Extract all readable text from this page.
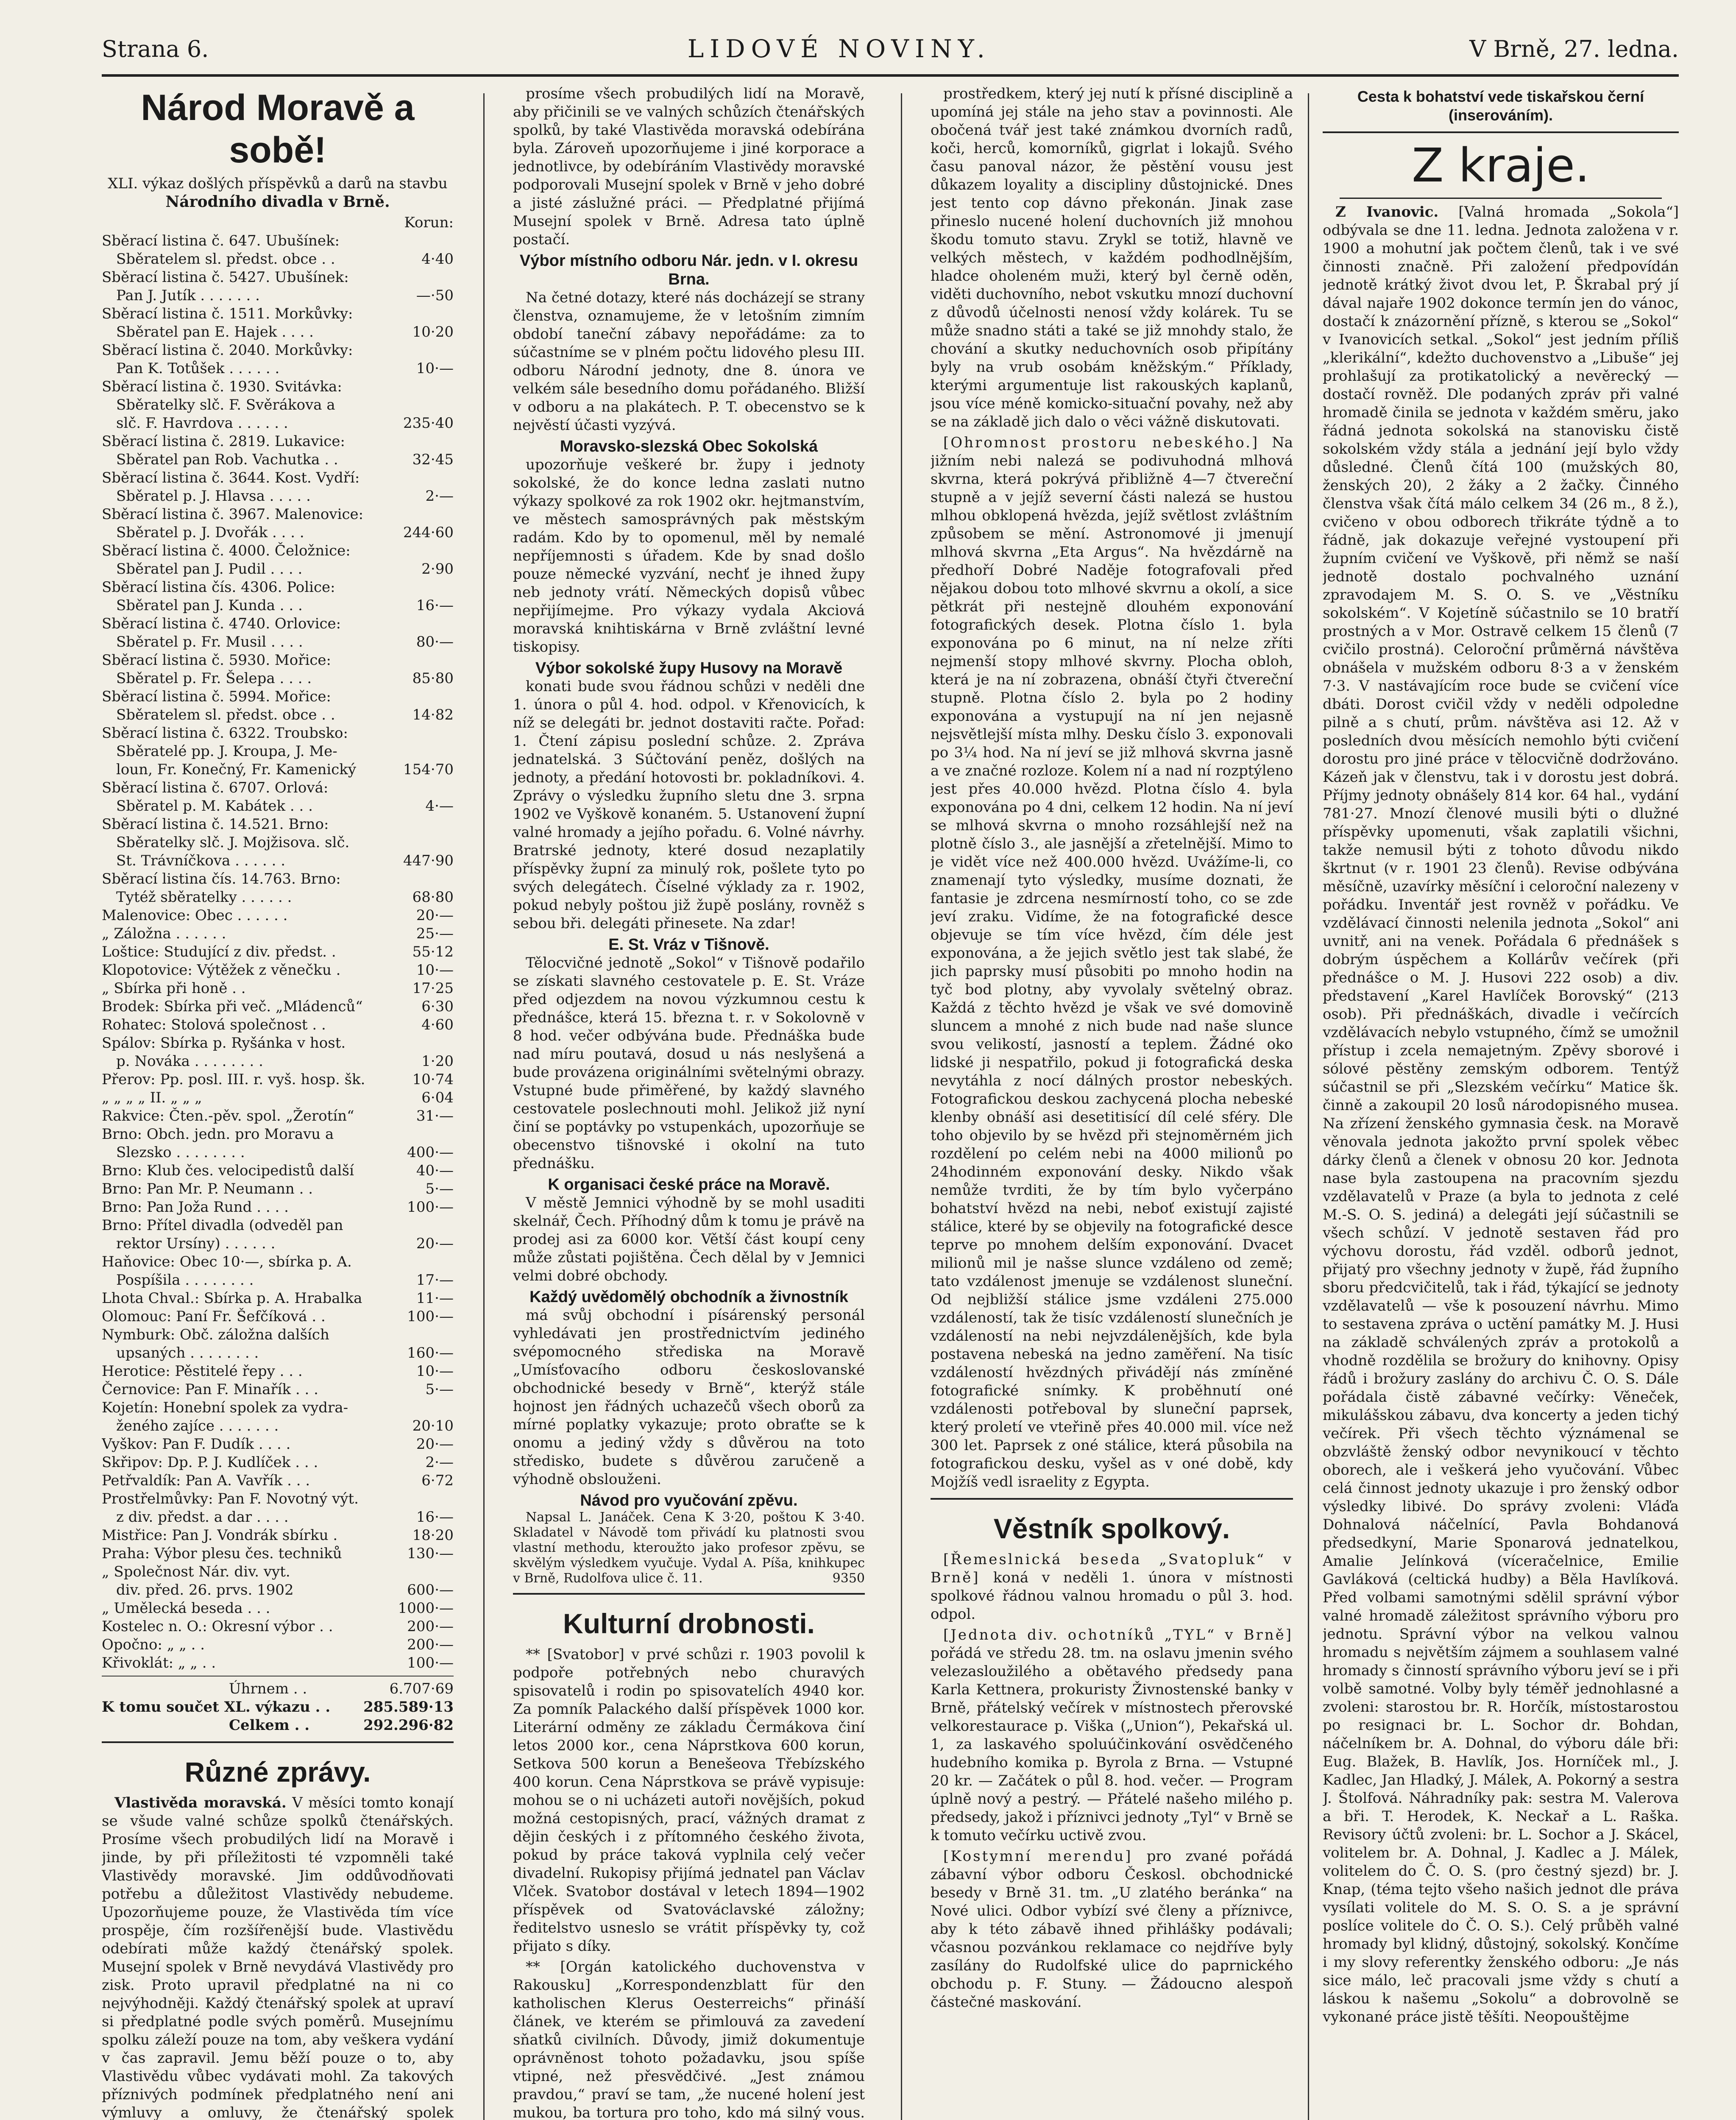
Strana 6.	LIDOVÉ NOVINY.	V Brně, 27. ledna.
Národ Moravě a sobě!
XLI. výkaz došlých příspěvků a darů na stavbu
Národního divadla v Brně.
Korun:
Sběrací listina č. 647. Ubušínek:
Sběratelem sl. předst. obce . .	4·40
Sběrací listina č. 5427. Ubušínek:
Pan J. Jutík . . . . . . .	—·50
Sběrací listina č. 1511. Morkůvky:
Sběratel pan E. Hajek . . . .	10·20
Sběrací listina č. 2040. Morkůvky:
Pan K. Totůšek . . . . . .	10·—
Sběrací listina č. 1930. Svitávka:
Sběratelky slč. F. Svěrákova a
slč. F. Havrdova . . . . . .	235·40
Sběrací listina č. 2819. Lukavice:
Sběratel pan Rob. Vachutka . .	32·45
Sběrací listina č. 3644. Kost. Vydří:
Sběratel p. J. Hlavsa . . . . .	2·—
Sběrací listina č. 3967. Malenovice:
Sběratel p. J. Dvořák . . . .	244·60
Sběrací listina č. 4000. Čeložnice:
Sběratel pan J. Pudil . . . .	2·90
Sběrací listina čís. 4306. Police:
Sběratel pan J. Kunda . . .	16·—
Sběrací listina č. 4740. Orlovice:
Sběratel p. Fr. Musil . . . .	80·—
Sběrací listina č. 5930. Mořice:
Sběratel p. Fr. Šelepa . . . .	85·80
Sběrací listina č. 5994. Mořice:
Sběratelem sl. předst. obce . .	14·82
Sběrací listina č. 6322. Troubsko:
Sběratelé pp. J. Kroupa, J. Me-
loun, Fr. Konečný, Fr. Kamenický	154·70
Sběrací listina č. 6707. Orlová:
Sběratel p. M. Kabátek . . .	4·—
Sběrací listina č. 14.521. Brno:
Sběratelky slč. J. Mojžisova. slč.
St. Trávníčkova . . . . . .	447·90
Sběrací listina čís. 14.763. Brno:
Tytéž sběratelky . . . . . .	68·80
Malenovice: Obec . . . . . .	20·—
„ Záložna . . . . . .	25·—
Loštice: Studující z div. předst. .	55·12
Klopotovice: Výtěžek z věnečku .	10·—
„ Sbírka při honě . .	17·25
Brodek: Sbírka při več. „Mládenců“	6·30
Rohatec: Stolová společnost . .	4·60
Spálov: Sbírka p. Ryšánka v host.
p. Nováka . . . . . . . .	1·20
Přerov: Pp. posl. III. r. vyš. hosp. šk.	10·74
„ „ „ „ II. „ „ „	6·04
Rakvice: Čten.-pěv. spol. „Žerotín“	31·—
Brno: Obch. jedn. pro Moravu a
Slezsko . . . . . . . .	400·—
Brno: Klub čes. velocipedistů další	40·—
Brno: Pan Mr. P. Neumann . .	5·—
Brno: Pan Joža Rund . . . .	100·—
Brno: Přítel divadla (odveděl pan
rektor Ursíny) . . . . . .	20·—
Haňovice: Obec 10·—, sbírka p. A.
Pospíšila . . . . . . . .	17·—
Lhota Chval.: Sbírka p. A. Hrabalka	11·—
Olomouc: Paní Fr. Šefčíková . .	100·—
Nymburk: Obč. záložna dalších
upsaných . . . . . . . .	160·—
Herotice: Pěstitelé řepy . . .	10·—
Černovice: Pan F. Minařík . . .	5·—
Kojetín: Honební spolek za vydra-
ženého zajíce . . . . . . .	20·10
Vyškov: Pan F. Dudík . . . .	20·—
Skřipov: Dp. P. J. Kudlíček . . .	2·—
Petřvaldík: Pan A. Vavřík . . .	6·72
Prostřelmůvky: Pan F. Novotný výt.
z div. předst. a dar . . . .	16·—
Mistřice: Pan J. Vondrák sbírku .	18·20
Praha: Výbor plesu čes. techniků	130·—
„ Společnost Nár. div. vyt.
div. před. 26. prvs. 1902	600·—
„ Umělecká beseda . . .	1000·—
Kostelec n. O.: Okresní výbor . .	200·—
Opočno: „ „ . .	200·—
Křivoklát: „ „ . .	100·—
Úhrnem . .	6.707·69
K tomu součet XL. výkazu . . 285.589·13
Celkem . .	292.296·82
Různé zprávy.

Vlastivěda moravská. V měsíci tomto konají se všude valné schůze spolků čtenářských. Prosíme všech probudilých lidí na Moravě i jinde, by při příležitosti té vzpomněli také Vlastivědy moravské. Jim oddůvodňovati potřebu a důležitost Vlastivědy nebudeme. Upozorňujeme pouze, že Vlastivěda tím více prospěje, čím rozšířenější bude. Vlastivědu odebírati může každý čtenářský spolek. Musejní spolek v Brně nevydává Vlastivědy pro zisk. Proto upravil předplatné na ni co nejvýhodněji. Každý čtenářský spolek at upraví si předplatné podle svých poměrů. Musejnímu spolku záleží pouze na tom, aby veškera vydání v čas zapravil. Jemu běží pouze o to, aby Vlastivědu vůbec vydávati mohl. Za takových příznivých podmínek předplatného není ani výmluvy a omluvy, že čtenářský spolek

prosíme všech probudilých lidí na Moravě, aby přičinili se ve valných schůzích čtenářských spolků, by také Vlastivěda moravská odebírána byla. Zároveň upozorňujeme i jiné korporace a jednotlivce, by odebíráním Vlastivědy moravské podporovali Musejní spolek v Brně v jeho dobré a jisté záslužné práci. — Předplatné přijímá Musejní spolek v Brně. Adresa tato úplně postačí.

Výbor místního odboru Nár. jedn. v I. okresu Brna.

Na četné dotazy, které nás docházejí se strany členstva, oznamujeme, že v letošním zimním období taneční zábavy nepořádáme: za to súčastníme se v plném počtu lidového plesu III. odboru Národní jednoty, dne 8. února ve velkém sále besedního domu pořádaného. Bližší v odboru a na plakátech. P. T. obecenstvo se k nejvěstí účasti vyzývá.

Moravsko-slezská Obec Sokolská

upozorňuje veškeré br. župy i jednoty sokolské, že do konce ledna zaslati nutno výkazy spolkové za rok 1902 okr. hejtmanstvím, ve městech samosprávných pak městským radám. Kdo by to opomenul, měl by nemalé nepříjemnosti s úřadem. Kde by snad došlo pouze německé vyzvání, nechť je ihned župy neb jednoty vrátí. Německých dopisů vůbec nepřijímejme. Pro výkazy vydala Akciová moravská knihtiskárna v Brně zvláštní levné tiskopisy.

Výbor sokolské župy Husovy na Moravě

konati bude svou řádnou schůzi v neděli dne 1. února o půl 4. hod. odpol. v Křenovicích, k níž se delegáti br. jednot dostaviti račte. Pořad: 1. Čtení zápisu poslední schůze. 2. Zpráva jednatelská. 3 Súčtování peněz, došlých na jednoty, a předání hotovosti br. pokladníkovi. 4. Zprávy o výsledku župního sletu dne 3. srpna 1902 ve Vyškově konaném. 5. Ustanovení župní valné hromady a jejího pořadu. 6. Volné návrhy. Bratrské jednoty, které dosud nezaplatily příspěvky župní za minulý rok, pošlete tyto po svých delegátech. Číselné výklady za r. 1902, pokud nebyly poštou již župě poslány, rovněž s sebou bři. delegáti přinesete. Na zdar!

E. St. Vráz v Tišnově.

Tělocvičné jednotě „Sokol“ v Tišnově podařilo se získati slavného cestovatele p. E. St. Vráze před odjezdem na novou výzkumnou cestu k přednášce, která 15. března t. r. v Sokolovně v 8 hod. večer odbývána bude. Přednáška bude nad míru poutavá, dosud u nás neslyšená a bude provázena originálními světelnými obrazy. Vstupné bude přiměřené, by každý slavného cestovatele poslechnouti mohl. Jelikož již nyní činí se poptávky po vstupenkách, upozorňuje se obecenstvo tišnovské i okolní na tuto přednášku.

K organisaci české práce na Moravě.

V městě Jemnici výhodně by se mohl usaditi skelnář, Čech. Příhodný dům k tomu je právě na prodej asi za 6000 kor. Větší část koupí ceny může zůstati pojištěna. Čech dělal by v Jemnici velmi dobré obchody.

Každý uvědomělý obchodník a živnostník

má svůj obchodní i písárenský personál vyhledávati jen prostřednictvím jediného svépomocného střediska na Moravě „Umísťovacího odboru českoslovanské obchodnické besedy v Brně“, kterýž stále hojnost jen řádných uchazečů všech oborů za mírné poplatky vykazuje; proto obraťte se k onomu a jediný vždy s důvěrou na toto středisko, budete s důvěrou zaručeně a výhodně obslouženi.

Návod pro vyučování zpěvu.

Napsal L. Janáček. Cena K 3·20, poštou K 3·40. Skladatel v Návodě tom přivádí ku platnosti svou vlastní methodu, kteroužto jako profesor zpěvu, se skvělým výsledkem vyučuje. Vydal A. Píša, knihkupec v Brně, Rudolfova ulice č. 11.	9350

Kulturní drobnosti.

** [Svatobor] v prvé schůzi r. 1903 povolil k podpoře potřebných nebo churavých spisovatelů i rodin po spisovatelích 4940 kor. Za pomník Palackého další příspěvek 1000 kor. Literární odměny ze základu Čermákova činí letos 2000 kor., cena Náprstkova 600 korun, Setkova 500 korun a Benešeova Třebízského 400 korun. Cena Náprstkova se právě vypisuje: mohou se o ni ucházeti autoři novějších, pokud možná cestopisných, prací, vážných dramat z dějin českých i z přítomného českého života, pokud by práce taková vyplnila celý večer divadelní. Rukopisy přijímá jednatel pan Václav Vlček. Svatobor dostával v letech 1894—1902 příspěvek od Svatováclavské záložny; ředitelstvo usneslo se vrátit příspěvky ty, což přijato s díky.

** [Orgán katolického duchovenstva v Rakousku] „Korrespondenzblatt für den katholischen Klerus Oesterreichs“ přináší článek, ve kterém se přimlouvá za zavedení sňatků civilních. Důvody, jimiž dokumentuje oprávněnost tohoto požadavku, jsou spíše vtipné, než přesvědčivé. „Jest známou pravdou,“ praví se tam, „že nucené holení jest mukou, ba tortura pro toho, kdo má silný vous.

prostředkem, který jej nutí k přísné disciplině a upomíná jej stále na jeho stav a povinnosti. Ale obočená tvář jest také známkou dvorních radů, koči, herců, komorníků, gigrlat i lokajů. Svého času panoval názor, že pěstění vousu jest důkazem loyality a discipliny důstojnické. Dnes jest tento cop dávno překonán. Jinak zase přineslo nucené holení duchovních již mnohou škodu tomuto stavu. Zrykl se totiž, hlavně ve velkých městech, v každém podhodlnějším, hladce oholeném muži, který byl černě oděn, viděti duchovního, nebot vskutku mnozí duchovní z důvodů účelnosti nenosí vždy kolárek. Tu se může snadno státi a také se již mnohdy stalo, že chování a skutky neduchovních osob připítány byly na vrub osobám kněžským.“ Příklady, kterými argumentuje list rakouských kaplanů, jsou více méně komicko-situační povahy, než aby se na základě jich dalo o věci vážně diskutovati.

[Ohromnost prostoru nebeského.] Na jižním nebi nalezá se podivuhodná mlhová skvrna, která pokrývá přibližně 4—7 čtvereční stupně a v jejíž severní části nalezá se hustou mlhou obklopená hvězda, jejíž světlost zvláštním způsobem se mění. Astronomové ji jmenují mlhová skvrna „Eta Argus“. Na hvězdárně na předhoří Dobré Naděje fotografovali před nějakou dobou toto mlhové skvrnu a okolí, a sice pětkrát při nestejně dlouhém exponování fotografických desek. Plotna číslo 1. byla exponována po 6 minut, na ní nelze zříti nejmenší stopy mlhové skvrny. Plocha obloh, která je na ní zobrazena, obnáší čtyři čtvereční stupně. Plotna číslo 2. byla po 2 hodiny exponována a vystupují na ní jen nejasně nejsvětlejší místa mlhy. Desku číslo 3. exponovali po 3¼ hod. Na ní jeví se již mlhová skvrna jasně a ve značné rozloze. Kolem ní a nad ní rozptýleno jest přes 40.000 hvězd. Plotna číslo 4. byla exponována po 4 dni, celkem 12 hodin. Na ní jeví se mlhová skvrna o mnoho rozsáhlejší než na plotně číslo 3., ale jasnější a zřetelnější. Mimo to je vidět více než 400.000 hvězd. Uvážíme-li, co znamenají tyto výsledky, musíme doznati, že fantasie je zdrcena nesmírností toho, co se zde jeví zraku. Vidíme, že na fotografické desce objevuje se tím více hvězd, čím déle jest exponována, a že jejich světlo jest tak slabé, že jich paprsky musí působiti po mnoho hodin na tyč bod plotny, aby vyvolaly světelný obraz. Každá z těchto hvězd je však ve své domovině sluncem a mnohé z nich bude nad naše slunce svou velikostí, jasností a teplem. Žádné oko lidské ji nespatřilo, pokud ji fotografická deska nevytáhla z nocí dálných prostor nebeských. Fotografickou deskou zachycená plocha nebeské klenby obnáší asi desetitisící díl celé sféry. Dle toho objevilo by se hvězd při stejnoměrném jich rozdělení po celém nebi na 4000 milionů po 24hodinném exponování desky. Nikdo však nemůže tvrditi, že by tím bylo vyčerpáno bohatství hvězd na nebi, neboť existují zajisté stálice, které by se objevily na fotografické desce teprve po mnohem delším exponování. Dvacet milionů mil je našse slunce vzdáleno od země; tato vzdálenost jmenuje se vzdálenost sluneční. Od nejbližší stálice jsme vzdáleni 275.000 vzdáleností, tak že tisíc vzdáleností slunečních je vzdáleností na nebi nejvzdálenějších, kde byla postavena nebeská na jedno zaměření. Na tisíc vzdáleností hvězdných přivádějí nás zmíněné fotografické snímky. K proběhnutí oné vzdálenosti potřeboval by sluneční paprsek, který proletí ve vteřině přes 40.000 mil. více než 300 let. Paprsek z oné stálice, která působila na fotografickou desku, vyšel as v oné době, kdy Mojžíš vedl israelity z Egypta.

Věstník spolkový.

[Řemeslnická beseda „Svatopluk“ v Brně] koná v neděli 1. února v místnosti spolkové řádnou valnou hromadu o půl 3. hod. odpol.

[Jednota div. ochotníků „TYL“ v Brně] pořádá ve středu 28. tm. na oslavu jmenin svého velezasloužilého a obětavého předsedy pana Karla Kettnera, prokuristy Živnostenské banky v Brně, přátelský večírek v místnostech přerovské velkorestaurace p. Viška („Union“), Pekařská ul. 1, za laskavého spoluúčinkování osvědčeného hudebního komika p. Byrola z Brna. — Vstupné 20 kr. — Začátek o půl 8. hod. večer. — Program úplně nový a pestrý. — Přátelé našeho milého p. předsedy, jakož i příznivci jednoty „Tyl“ v Brně se k tomuto večírku uctivě zvou.

[Kostymní merendu] pro zvané pořádá zábavní výbor odboru Českosl. obchodnické besedy v Brně 31. tm. „U zlatého beránka“ na Nové ulici. Odbor vybízí své členy a příznivce, aby k této zábavě ihned přihlášky podávali; včasnou pozvánkou reklamace co nejdříve byly zasílány do Rudolfské ulice do paprnického obchodu p. F. Stuny. — Žádoucno alespoň částečné maskování.

Cesta k bohatství vede tiskařskou černí (inserováním).
Z kraje.

Z Ivanovic. [Valná hromada „Sokola“] odbývala se dne 11. ledna. Jednota založena v r. 1900 a mohutní jak počtem členů, tak i ve své činnosti značně. Při založení předpovídán jednotě krátký život dvou let, P. Škrabal prý jí dával najaře 1902 dokonce termín jen do vánoc, dostačí k znázornění přízně, s kterou se „Sokol“ v Ivanovicích setkal. „Sokol“ jest jedním příliš „klerikální“, kdežto duchovenstvo a „Libuše“ jej prohlašují za protikatolický a nevěrecký — dostačí rovněž. Dle podaných zpráv při valné hromadě činila se jednota v každém směru, jako řádná jednota sokolská na stanovisku čistě sokolském vždy stála a jednání její bylo vždy důsledné. Členů čítá 100 (mužských 80, ženských 20), 2 žáky a 2 žačky. Činného členstva však čítá málo celkem 34 (26 m., 8 ž.), cvičeno v obou odborech třikráte týdně a to řádně, jak dokazuje veřejné vystoupení při župním cvičení ve Vyškově, při němž se naší jednotě dostalo pochvalného uznání zpravodajem M. S. O. S. ve „Věstníku sokolském“. V Kojetíně súčastnilo se 10 bratří prostných a v Mor. Ostravě celkem 15 členů (7 cvičilo prostná). Celoroční průměrná návštěva obnášela v mužském odboru 8·3 a v ženském 7·3. V nastávajícím roce bude se cvičení více dbáti. Dorost cvičil vždy v neděli odpoledne pilně a s chutí, prům. návštěva asi 12. Až v posledních dvou měsících nemohlo býti cvičení dorostu pro jiné práce v tělocvičně dodržováno. Kázeň jak v členstvu, tak i v dorostu jest dobrá. Příjmy jednoty obnášely 814 kor. 64 hal., vydání 781·27. Mnozí členové musili býti o dlužné příspěvky upomenuti, však zaplatili všichni, takže nemusil býti z tohoto důvodu nikdo škrtnut (v r. 1901 23 členů). Revise odbývána měsíčně, uzavírky měsíční i celoroční nalezeny v pořádku. Inventář jest rovněž v pořádku. Ve vzdělávací činnosti nelenila jednota „Sokol“ ani uvnitř, ani na venek. Pořádala 6 přednášek s dobrým úspěchem a Kollárův večírek (při přednášce o M. J. Husovi 222 osob) a div. představení „Karel Havlíček Borovský“ (213 osob). Při přednáškách, divadle i večírcích vzdělávacích nebylo vstupného, čímž se umožnil přístup i zcela nemajetným. Zpěvy sborové i sólové pěstěny zemským odborem. Tentýž súčastnil se při „Slezském večírku“ Matice šk. činně a zakoupil 20 losů národopisného musea. Na zřízení ženského gymnasia česk. na Moravě věnovala jednota jakožto první spolek věbec dárky členů a členek v obnosu 20 kor. Jednota nase byla zastoupena na pracovním sjezdu vzdělavatelů v Praze (a byla to jednota z celé M.-S. O. S. jediná) a delegáti její súčastnili se všech schůzí. V jednotě sestaven řád pro výchovu dorostu, řád vzděl. odborů jednot, přijatý pro všechny jednoty v župě, řád župního sboru předcvičitelů, tak i řád, týkající se jednoty vzdělavatelů — vše k posouzení návrhu. Mimo to sestavena zpráva o uctění památky M. J. Husi na základě schválených zpráv a protokolů a vhodně rozdělila se brožury do knihovny. Opisy řádů i brožury zaslány do archivu Č. O. S. Dále pořádala čistě zábavné večírky: Věneček, mikulášskou zábavu, dva koncerty a jeden tichý večírek. Při všech těchto význámenal se obzvláště ženský odbor nevynikoucí v těchto oborech, ale i veškerá jeho vyučování. Vůbec celá činnost jednoty ukazuje i pro ženský odbor výsledky libivé. Do správy zvoleni: Vláďa Dohnalová náčelnící, Pavla Bohdanová předsedkyní, Marie Sponarová jednatelkou, Amalie Jelínková (víceračelnice, Emilie Gavláková (celtická hudby) a Běla Havlíková. Před volbami samotnými sdělil správní výbor valné hromadě záležitost správního výboru pro jednotu. Správní výbor na velkou valnou hromadu s největším zájmem a souhlasem valné hromady s činností správního výboru jeví se i při volbě samotné. Volby byly téměř jednohlasné a zvoleni: starostou br. R. Horčík, místostarostou po resignaci br. L. Sochor dr. Bohdan, náčelníkem br. A. Dohnal, do výboru dále bři: Eug. Blažek, B. Havlík, Jos. Horníček ml., J. Kadlec, Jan Hladký, J. Málek, A. Pokorný a sestra J. Štolfová. Náhradníky pak: sestra M. Valerova a bři. T. Herodek, K. Neckař a L. Raška. Revisory účtů zvoleni: br. L. Sochor a J. Skácel, volitelem br. A. Dohnal, J. Kadlec a J. Málek, volitelem do Č. O. S. (pro čestný sjezd) br. J. Knap, (téma tejto všeho našich jednot dle práva vysílati volitele do M. S. O. S. a je správní poslíce volitele do Č. O. S.). Celý průběh valné hromady byl klidný, důstojný, sokolský. Končíme i my slovy referentky ženského odboru: „Je nás sice málo, leč pracovali jsme vždy s chutí a láskou k našemu „Sokolu“ a dobrovolně se vykonané práce jistě těšíti. Neopouštějme
